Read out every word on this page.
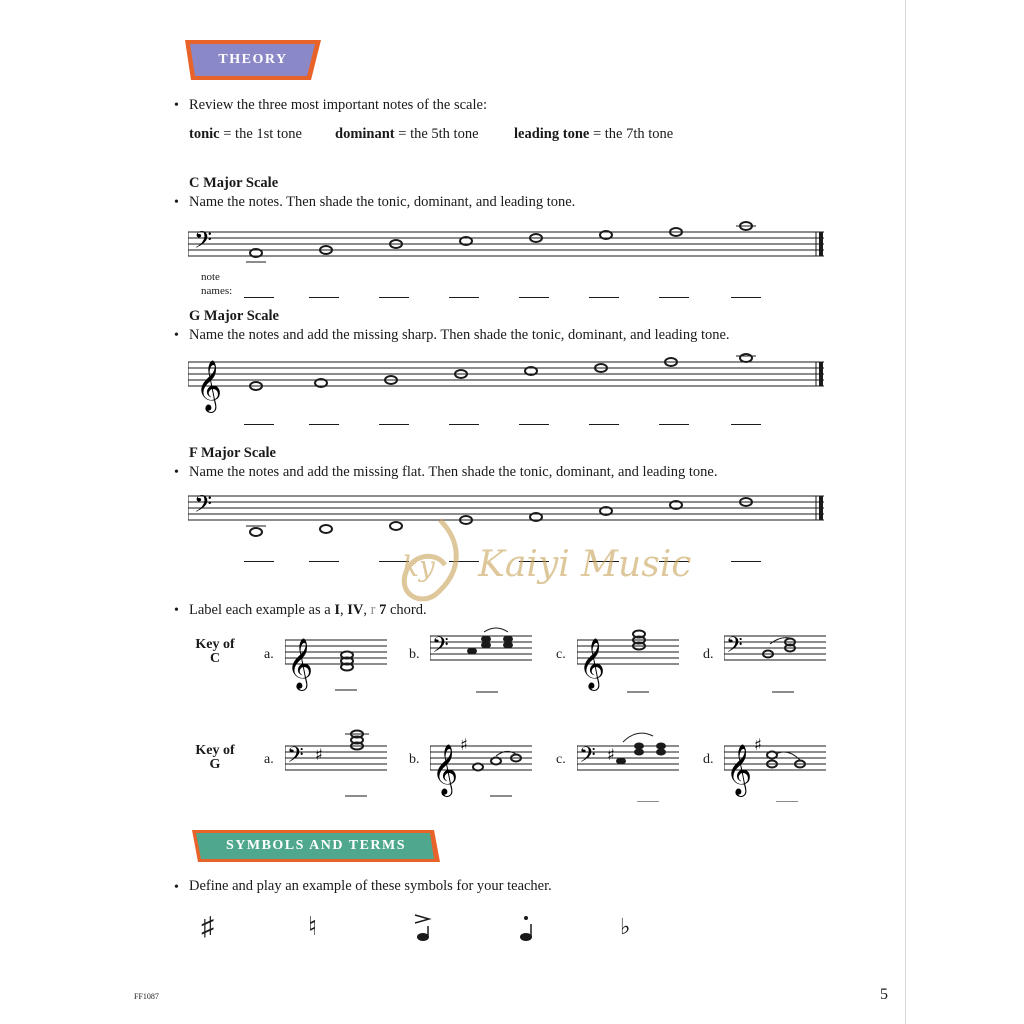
THEORY
• Review the three most important notes of the scale:
tonic = the 1st tone dominant = the 5th tone leading tone = the 7th tone
C Major Scale
• Name the notes. Then shade the tonic, dominant, and leading tone.
𝄢
note
names:
G Major Scale
• Name the notes and add the missing sharp. Then shade the tonic, dominant, and leading tone.
𝄞
F Major Scale
• Name the notes and add the missing flat. Then shade the tonic, dominant, and leading tone.
𝄢
ky Kaiyi Music
• Label each example as a I, IV, r 7 chord.
Key of
C	a.	b.	c.	d.
𝄞	𝄢	𝄞	𝄢
Key of
G	a.	b.	c.	d.
𝄢 ♯ 𝄞 ♯	𝄢 ♯	𝄞 ♯
SYMBOLS AND TERMS
• Define and play an example of these symbols for your teacher.
♯	♮	♭
FF1087	5
